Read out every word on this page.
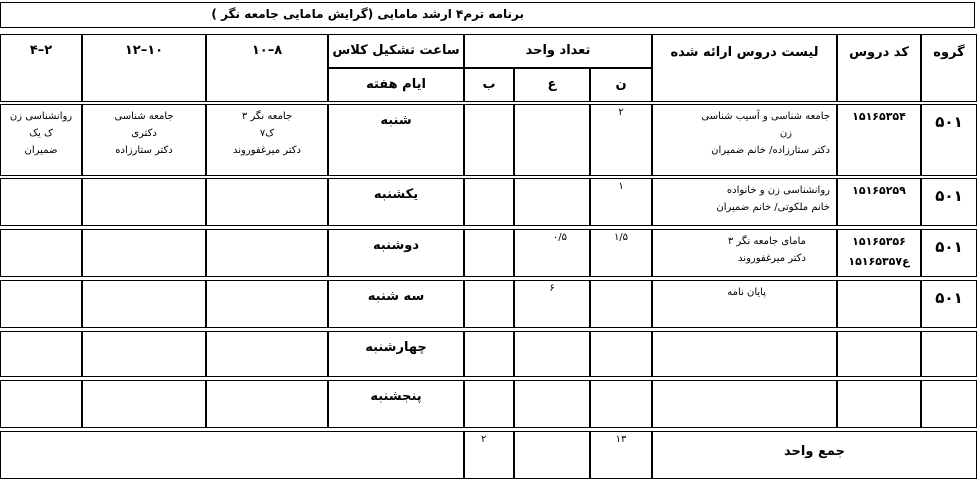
برنامه ترم۴ ارشد مامایی (گرایش مامایی جامعه نگر )
گروه
کد دروس
لیست دروس ارائه شده
تعداد واحد
ن
ع
ب
ساعت تشکیل کلاس
ایام هفته
۸–۱۰
۱۰–۱۲
۲–۴
۵۰۱
۱۵۱۶۵۳۵۴
جامعه شناسی و آسیب شناسی
زن
دکتر ستارزاده/ خانم ضمیران
۲
شنبه
جامعه نگر ۳
ک۷
دکتر میرغفوروند
جامعه شناسی
دکتری
دکتر ستارزاده
روانشناسی زن
ک یک
ضمیران
۵۰۱
۱۵۱۶۵۲۵۹
روانشناسی زن و خانواده
خانم ملکوتی/ خانم ضمیران
۱
یکشنبه
۵۰۱
۱۵۱۶۵۳۵۶
۱۵۱۶۵۳۵۷ع
مامای جامعه نگر ۳
دکتر میرغفوروند
۱/۵
۰/۵
دوشنبه
۵۰۱
پایان نامه
۶
سه شنبه
چهارشنبه
پنجشنبه
جمع واحد
۱۳
۲
